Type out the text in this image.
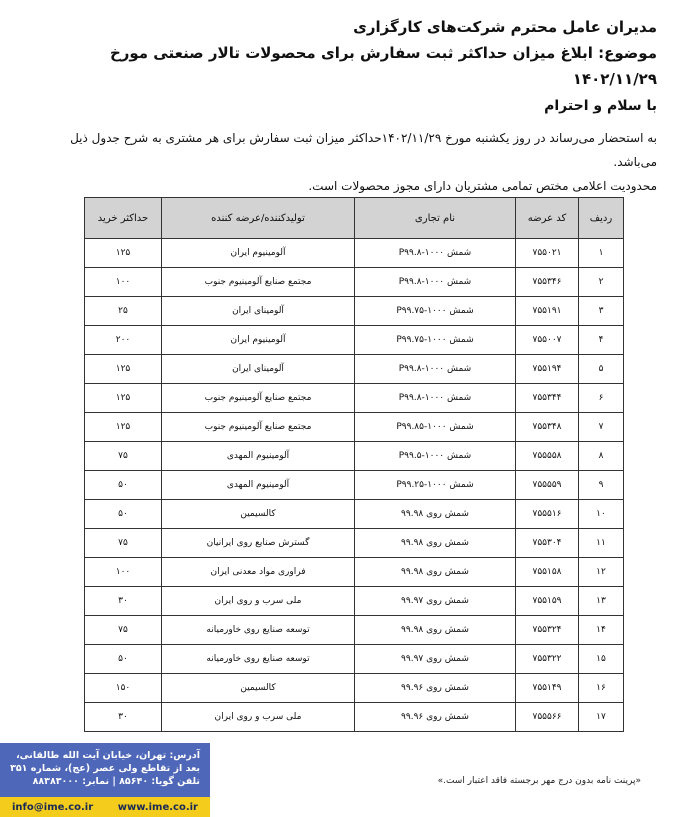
مدیران عامل محترم شرکت‌های کارگزاری
موضوع: ابلاغ میزان حداکثر ثبت سفارش برای محصولات تالار صنعتی مورخ ۱۴۰۲/۱۱/۲۹
با سلام و احترام
به استحضار می‌رساند در روز یکشنبه مورخ ۱۴۰۲/۱۱/۲۹حداکثر میزان ثبت سفارش برای هر مشتری به شرح جدول ذیل می‌باشد.
محدودیت اعلامی مختص تمامی مشتریان دارای مجوز محصولات است.
ردیف	کد عرضه	نام تجاری	تولیدکننده/عرضه کننده	حداکثر خرید
۱	۷۵۵۰۲۱	شمش ۱۰۰۰-P۹۹.۸	آلومینیوم ایران	۱۲۵
۲	۷۵۵۳۴۶	شمش ۱۰۰۰-P۹۹.۸	مجتمع صنایع آلومینیوم جنوب	۱۰۰
۳	۷۵۵۱۹۱	شمش ۱۰۰۰-P۹۹.۷۵	آلومینای ایران	۲۵
۴	۷۵۵۰۰۷	شمش ۱۰۰۰-P۹۹.۷۵	آلومینیوم ایران	۲۰۰
۵	۷۵۵۱۹۴	شمش ۱۰۰۰-P۹۹.۸	آلومینای ایران	۱۲۵
۶	۷۵۵۳۴۴	شمش ۱۰۰۰-P۹۹.۸	مجتمع صنایع آلومینیوم جنوب	۱۲۵
۷	۷۵۵۳۴۸	شمش ۱۰۰۰-P۹۹.۸۵	مجتمع صنایع آلومینیوم جنوب	۱۲۵
۸	۷۵۵۵۵۸	شمش ۱۰۰۰-P۹۹.۵	آلومینیوم المهدی	۷۵
۹	۷۵۵۵۵۹	شمش ۱۰۰۰-P۹۹.۲۵	آلومینیوم المهدی	۵۰
۱۰	۷۵۵۵۱۶	شمش روی ۹۹.۹۸	کالسیمین	۵۰
۱۱	۷۵۵۳۰۴	شمش روی ۹۹.۹۸	گسترش صنایع روی ایرانیان	۷۵
۱۲	۷۵۵۱۵۸	شمش روی ۹۹.۹۸	فراوری مواد معدنی ایران	۱۰۰
۱۳	۷۵۵۱۵۹	شمش روی ۹۹.۹۷	ملی سرب و روی ایران	۳۰
۱۴	۷۵۵۳۲۴	شمش روی ۹۹.۹۸	توسعه صنایع روی خاورمیانه	۷۵
۱۵	۷۵۵۳۲۲	شمش روی ۹۹.۹۷	توسعه صنایع روی خاورمیانه	۵۰
۱۶	۷۵۵۱۴۹	شمش روی ۹۹.۹۶	کالسیمین	۱۵۰
۱۷	۷۵۵۵۶۶	شمش روی ۹۹.۹۶	ملی سرب و روی ایران	۳۰
«پرینت نامه بدون درج مهر برجسته فاقد اعتبار است.»
آدرس: تهران، خیابان آیت الله طالقانی،
بعد از تقاطع ولی عصر (عج)، شماره ۳۵۱
تلفن گویا: ۸۵۶۴۰ | نمابر: ۸۸۳۸۳۰۰۰
info@ime.co.ir www.ime.co.ir
